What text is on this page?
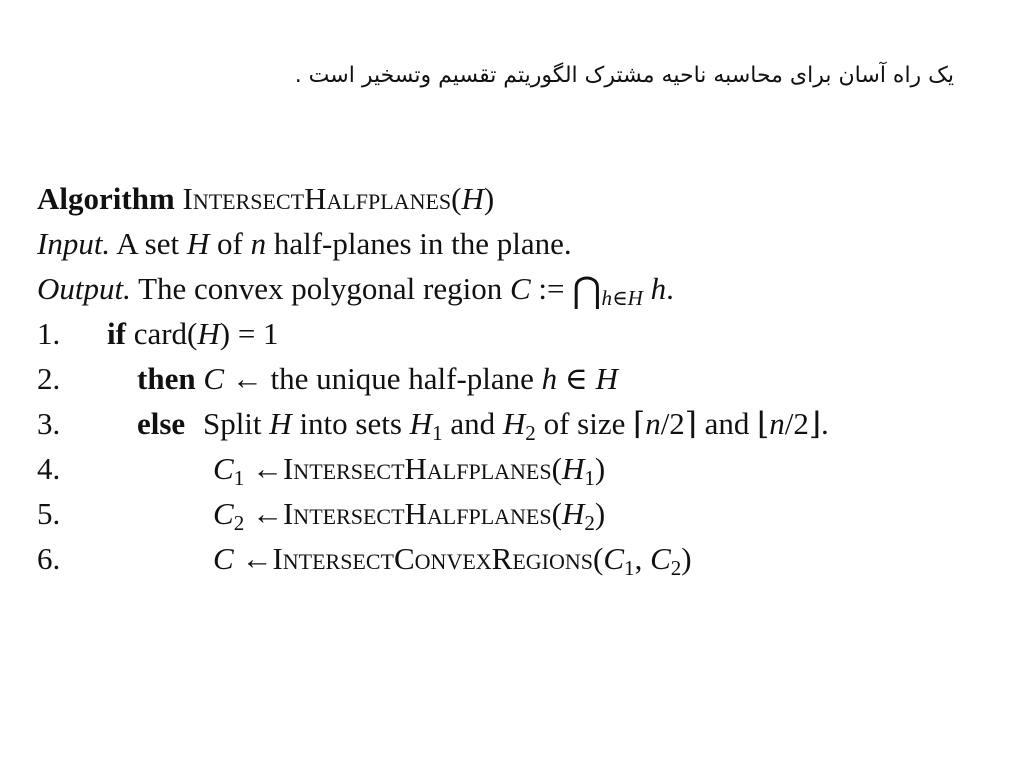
یک راه آسان برای محاسبه ناحیه مشترک الگوریتم تقسیم وتسخیر است .
Algorithm IntersectHalfplanes(H)
Input. A set H of n half-planes in the plane.
Output. The convex polygonal region C := $⋂_{h\in H}$ h.
1. if card(H) = 1
2. then C ← the unique half-plane h ∈ H
3. else Split H into sets $H_1$ and $H_2$ of size ⌈n/2⌉ and ⌊n/2⌋.
4.	$C_1$ $\leftarrow IntersectHalfplanes(H_1)$
5.	$C_2$ $\leftarrow IntersectHalfplanes(H_2)$
6.	C $\leftarrow IntersectConvexRegions(C_1$, $C_2$)
